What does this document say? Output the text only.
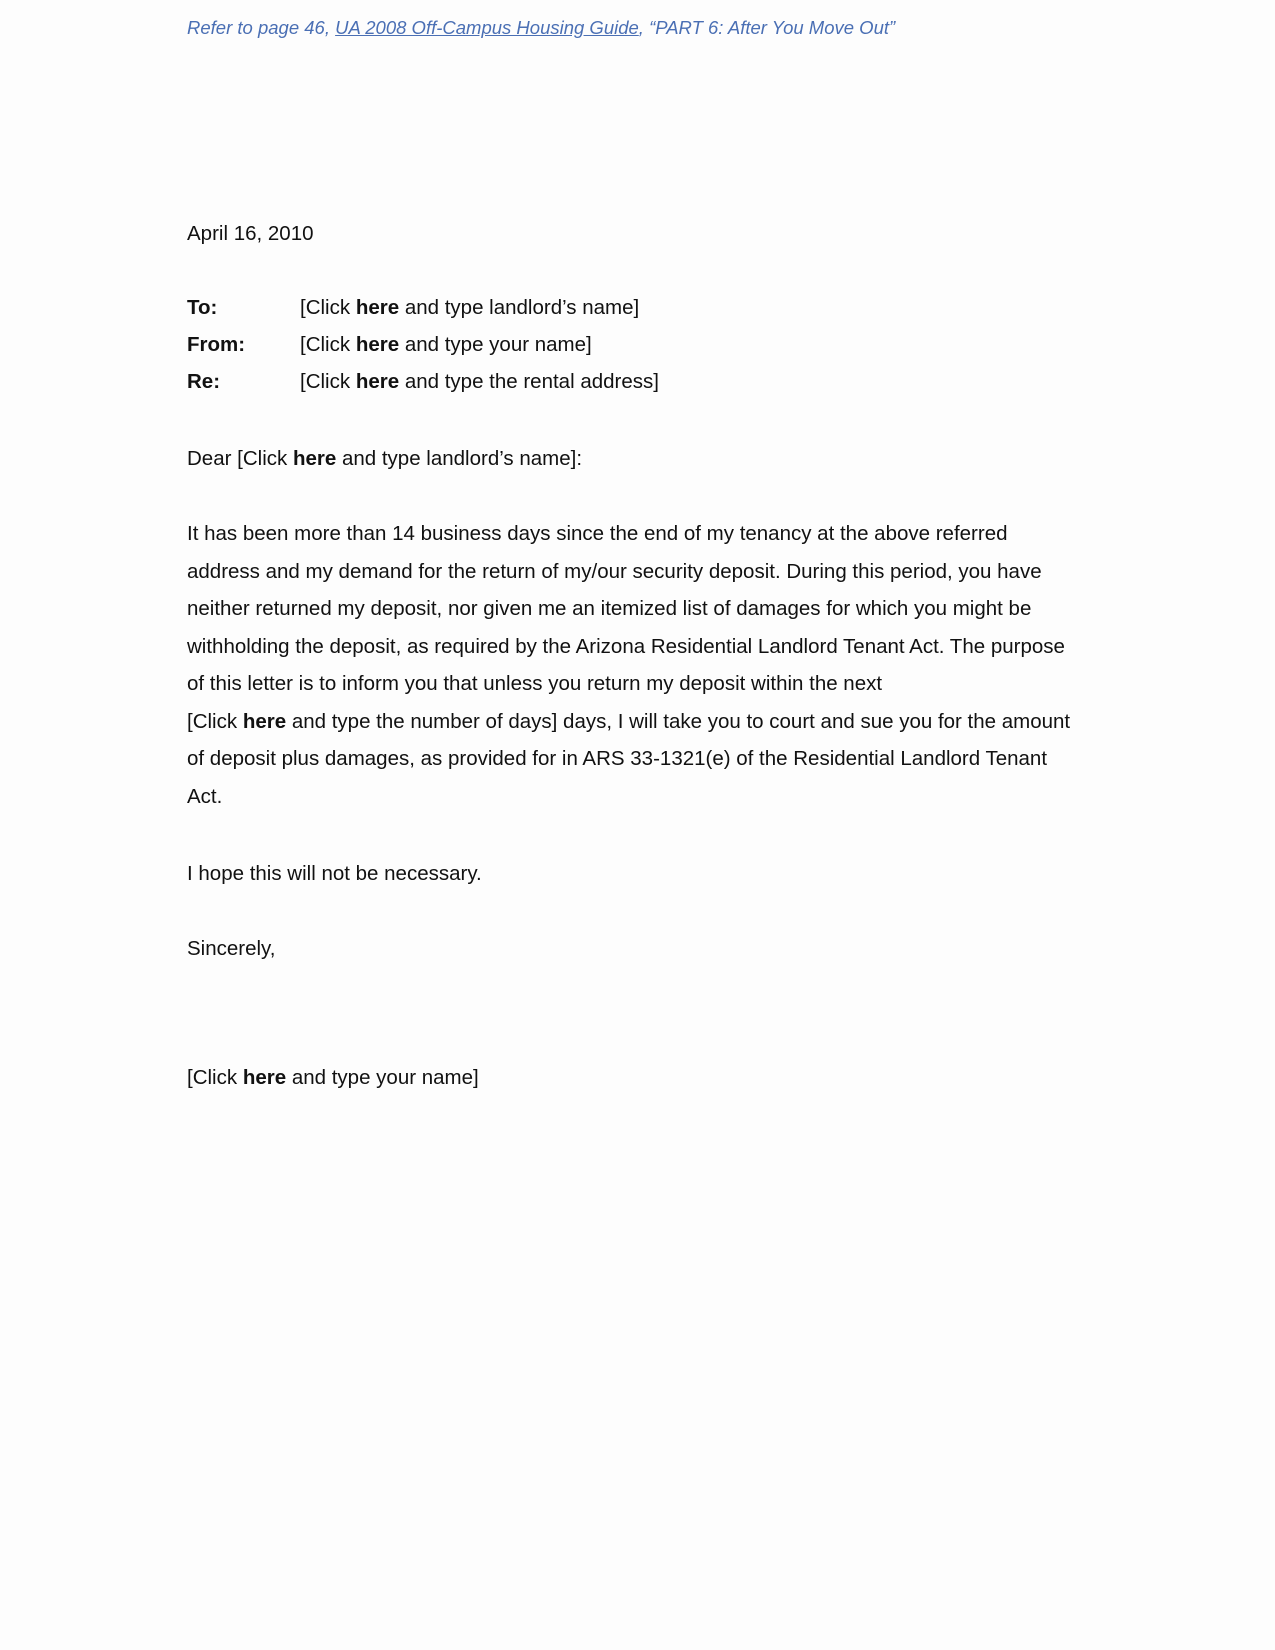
Refer to page 46, UA 2008 Off-Campus Housing Guide, “PART 6: After You Move Out”
April 16, 2010
To:	[Click here and type landlord’s name]
From:	[Click here and type your name]
Re:	[Click here and type the rental address]
Dear [Click here and type landlord’s name]:
It has been more than 14 business days since the end of my tenancy at the above referred
address and my demand for the return of my/our security deposit. During this period, you have
neither returned my deposit, nor given me an itemized list of damages for which you might be
withholding the deposit, as required by the Arizona Residential Landlord Tenant Act. The purpose
of this letter is to inform you that unless you return my deposit within the next
[Click here and type the number of days] days, I will take you to court and sue you for the amount
of deposit plus damages, as provided for in ARS 33-1321(e) of the Residential Landlord Tenant
Act.
I hope this will not be necessary.
Sincerely,
[Click here and type your name]
